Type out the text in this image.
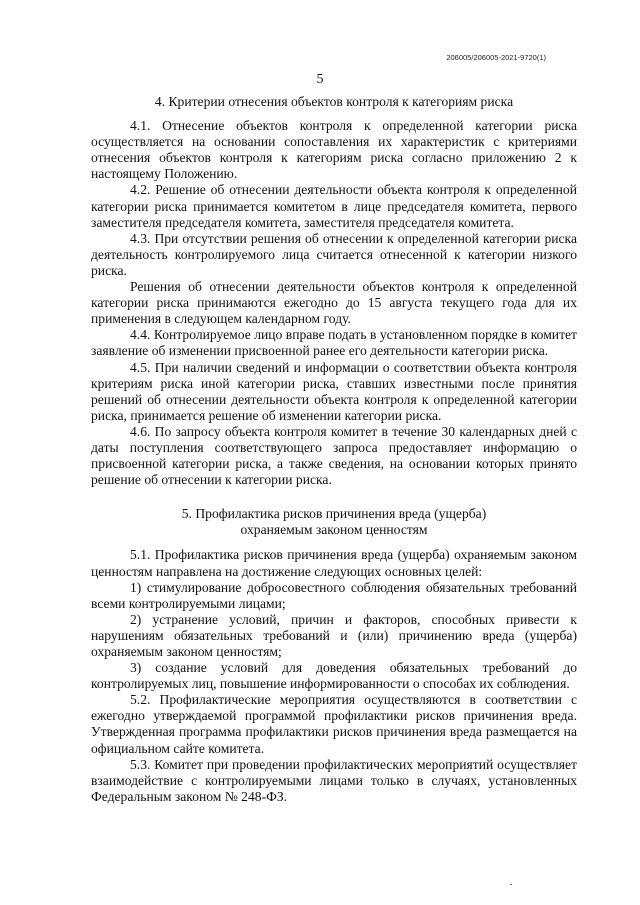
206005/206005-2021-9720(1)
5
4. Критерии отнесения объектов контроля к категориям риска

4.1. Отнесение объектов контроля к определенной категории риска осуществляется на основании сопоставления их характеристик с критериями отнесения объектов контроля к категориям риска согласно приложению 2 к настоящему Положению.

4.2. Решение об отнесении деятельности объекта контроля к определенной категории риска принимается комитетом в лице председателя комитета, первого заместителя председателя комитета, заместителя председателя комитета.

4.3. При отсутствии решения об отнесении к определенной категории риска деятельность контролируемого лица считается отнесенной к категории низкого риска.

Решения об отнесении деятельности объектов контроля к определенной категории риска принимаются ежегодно до 15 августа текущего года для их применения в следующем календарном году.

4.4. Контролируемое лицо вправе подать в установленном порядке в комитет заявление об изменении присвоенной ранее его деятельности категории риска.

4.5. При наличии сведений и информации о соответствии объекта контроля критериям риска иной категории риска, ставших известными после принятия решений об отнесении деятельности объекта контроля к определенной категории риска, принимается решение об изменении категории риска.

4.6. По запросу объекта контроля комитет в течение 30 календарных дней с даты поступления соответствующего запроса предоставляет информацию о присвоенной категории риска, а также сведения, на основании которых принято решение об отнесении к категории риска.

5. Профилактика рисков причинения вреда (ущерба)
охраняемым законом ценностям

5.1. Профилактика рисков причинения вреда (ущерба) охраняемым законом ценностям направлена на достижение следующих основных целей:

1) стимулирование добросовестного соблюдения обязательных требований всеми контролируемыми лицами;

2) устранение условий, причин и факторов, способных привести к нарушениям обязательных требований и (или) причинению вреда (ущерба) охраняемым законом ценностям;

3) создание условий для доведения обязательных требований до контролируемых лиц, повышение информированности о способах их соблюдения.

5.2. Профилактические мероприятия осуществляются в соответствии с ежегодно утверждаемой программой профилактики рисков причинения вреда. Утвержденная программа профилактики рисков причинения вреда размещается на официальном сайте комитета.

5.3. Комитет при проведении профилактических мероприятий осуществляет взаимодействие с контролируемыми лицами только в случаях, установленных Федеральным законом № 248-ФЗ.
